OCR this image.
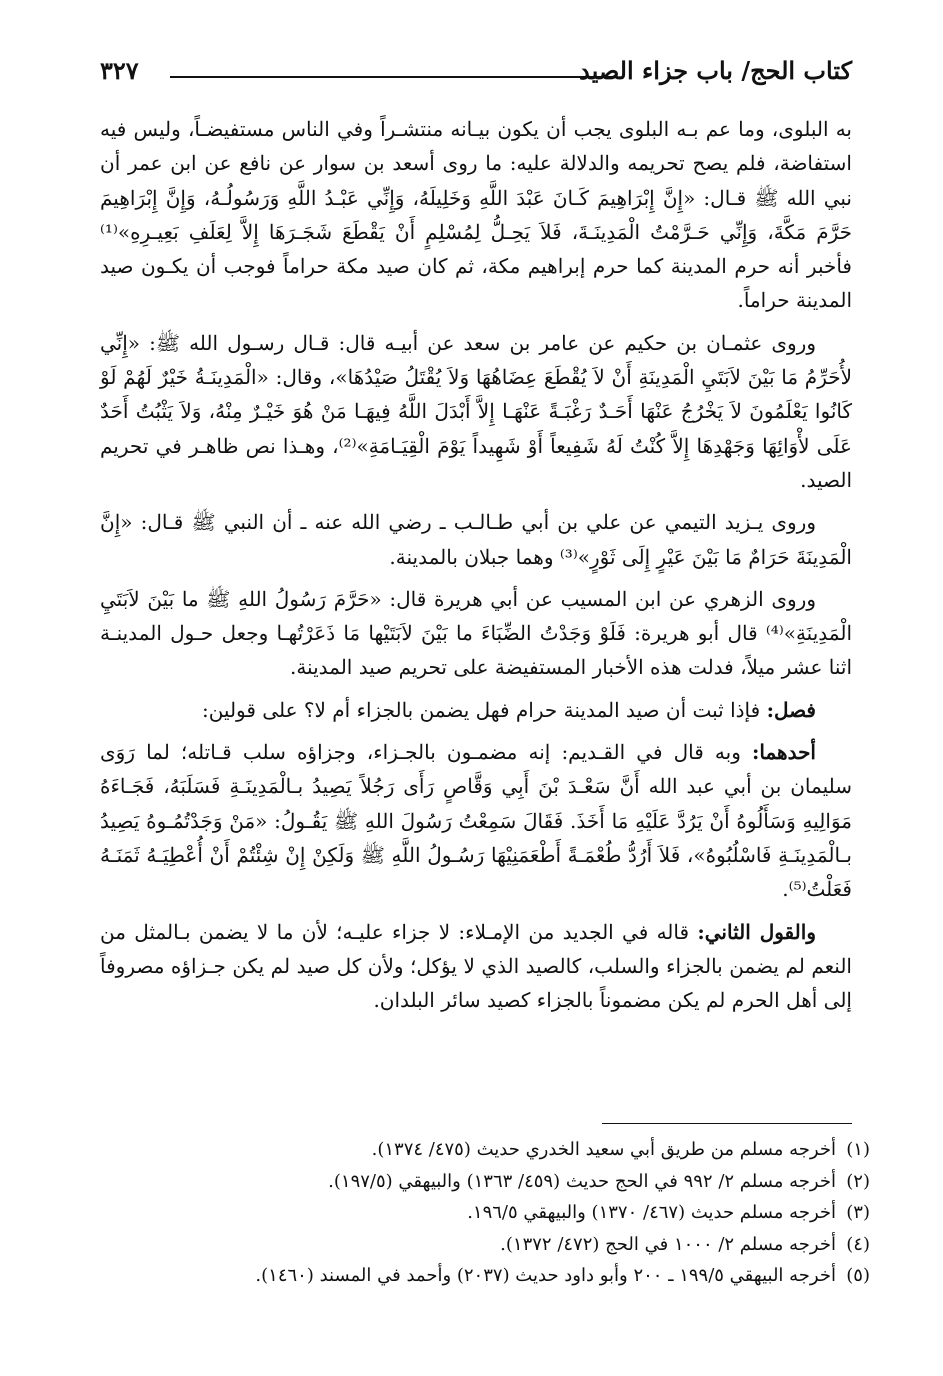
كتاب الحج/ باب جزاء الصيد
٣٢٧

به البلوى، وما عم بـه البلوى يجب أن يكون بيـانه منتشـراً وفي الناس مستفيضـاً، وليس فيه استفاضة، فلم يصح تحريمه والدلالة عليه: ما روى أسعد بن سوار عن نافع عن ابن عمر أن نبي الله ﷺ قـال: «إِنَّ إِبْرَاهِيمَ كَـانَ عَبْدَ اللَّهِ وَخَلِيلَهُ، وَإِنِّي عَبْـدُ اللَّهِ وَرَسُولُـهُ، وَإِنَّ إِبْرَاهِيمَ حَرَّمَ مَكَّةَ، وَإِنِّي حَـرَّمْتُ الْمَدِينَـةَ، فَلاَ يَحِـلُّ لِمُسْلِمٍ أَنْ يَقْطَعَ شَجَـرَهَا إِلاَّ لِعَلَفِ بَعِيـرِهِ»⁽¹⁾ فأخبر أنه حرم المدينة كما حرم إبراهيم مكة، ثم كان صيد مكة حراماً فوجب أن يكـون صيد المدينة حراماً.

وروى عثمـان بن حكيم عن عامر بن سعد عن أبيـه قال: قـال رسـول الله ﷺ: «إِنِّي لأُحَرِّمُ مَا بَيْنَ لاَبَتَيِ الْمَدِينَةِ أَنْ لاَ يُقْطَعَ عِضَاهُهَا وَلاَ يُقْتَلُ صَيْدُهَا»، وقال: «الْمَدِينَـةُ خَيْرٌ لَهُمْ لَوْ كَانُوا يَعْلَمُونَ لاَ يَخْرُجُ عَنْهَا أَحَـدٌ رَغْبَـةً عَنْهَـا إِلاَّ أَبْدَلَ اللَّهُ فِيهَـا مَنْ هُوَ خَيْـرٌ مِنْهُ، وَلاَ يَثْبُتُ أَحَدٌ عَلَى لأْوَائِهَا وَجَهْدِهَا إِلاَّ كُنْتُ لَهُ شَفِيعاً أَوْ شَهِيداً يَوْمَ الْقِيَـامَةِ»⁽²⁾، وهـذا نص ظاهـر في تحريم الصيد.

وروى يـزيد التيمي عن علي بن أبي طـالـب ـ رضي الله عنه ـ أن النبي ﷺ قـال: «إِنَّ الْمَدِينَةَ حَرَامٌ مَا بَيْنَ عَيْرٍ إِلَى ثَوْرٍ»⁽³⁾ وهما جبلان بالمدينة.

وروى الزهري عن ابن المسيب عن أبي هريرة قال: «حَرَّمَ رَسُولُ اللهِ ﷺ ما بَيْنَ لاَبَتَيِ الْمَدِينَةِ»⁽⁴⁾ قال أبو هريرة: فَلَوْ وَجَدْتُ الضِّبَاءَ ما بَيْنَ لاَبَتَيْها مَا ذَعَرْتُهـا وجعل حـول المدينـة اثنا عشر ميلاً، فدلت هذه الأخبار المستفيضة على تحريم صيد المدينة.

فصل: فإذا ثبت أن صيد المدينة حرام فهل يضمن بالجزاء أم لا؟ على قولين:

أحدهما: وبه قال في القـديم: إنه مضمـون بالجـزاء، وجزاؤه سلب قـاتله؛ لما رَوَى سليمان بن أبي عبد الله أَنَّ سَعْـدَ بْنَ أَبِي وَقَّاصٍ رَأَى رَجُلاً يَصِيدُ بـالْمَدِينَـةِ فَسَلَبَهُ، فَجَـاءَهُ مَوَالِيهِ وَسَأَلُوهُ أَنْ يَرُدَّ عَلَيْهِ مَا أَخَذَ. فَقَالَ سَمِعْتُ رَسُولَ اللهِ ﷺ يَقُـولُ: «مَنْ وَجَدْتُمُـوهُ يَصِيدُ بـالْمَدِينَـةِ فَاسْلُبُوهُ»، فَلاَ أَرُدُّ طُعْمَـةً أَطْعَمَنِيْهَا رَسُـولُ اللَّهِ ﷺ وَلَكِنْ إِنْ شِئْتُمْ أَنْ أُعْطِيَـهُ ثَمَنَـهُ فَعَلْتُ⁽⁵⁾.

والقول الثاني: قاله في الجديد من الإمـلاء: لا جزاء عليـه؛ لأن ما لا يضمن بـالمثل من النعم لم يضمن بالجزاء والسلب، كالصيد الذي لا يؤكل؛ ولأن كل صيد لم يكن جـزاؤه مصروفاً إلى أهل الحرم لم يكن مضموناً بالجزاء كصيد سائر البلدان.

(١)أخرجه مسلم من طريق أبي سعيد الخدري حديث (٤٧٥/ ١٣٧٤).
(٢)أخرجه مسلم ٢/ ٩٩٢ في الحج حديث (٤٥٩/ ١٣٦٣) والبيهقي (١٩٧/٥).
(٣)أخرجه مسلم حديث (٤٦٧/ ١٣٧٠) والبيهقي ١٩٦/٥.
(٤)أخرجه مسلم ٢/ ١٠٠٠ في الحج (٤٧٢/ ١٣٧٢).
(٥)أخرجه البيهقي ١٩٩/٥ ـ ٢٠٠ وأبو داود حديث (٢٠٣٧) وأحمد في المسند (١٤٦٠).
